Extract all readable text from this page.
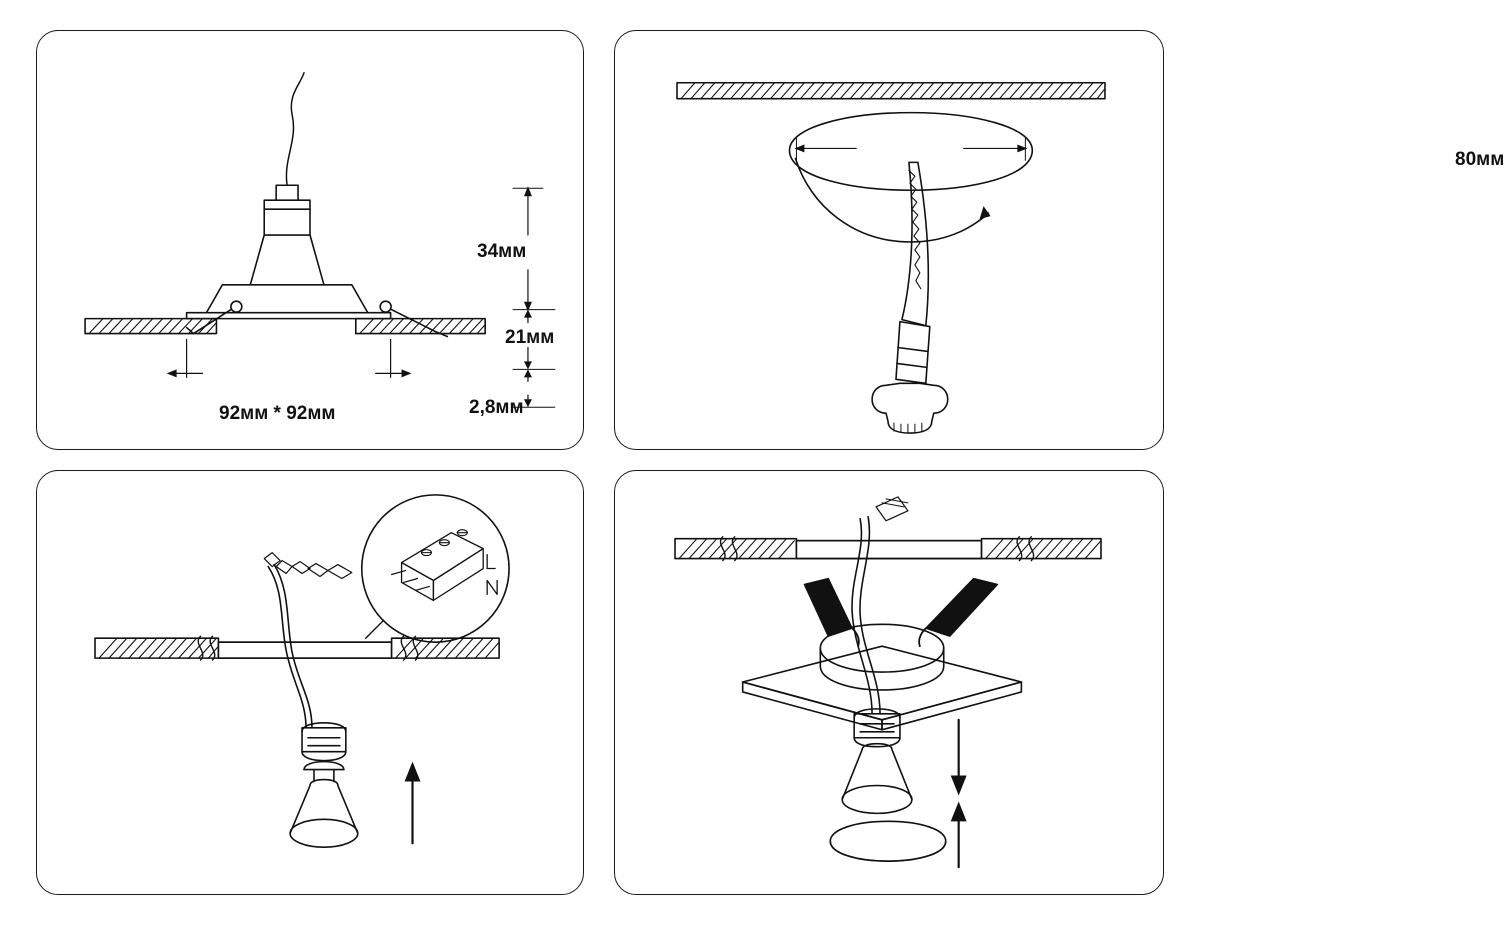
34мм
21мм
2,8мм
92мм * 92мм
80мм
